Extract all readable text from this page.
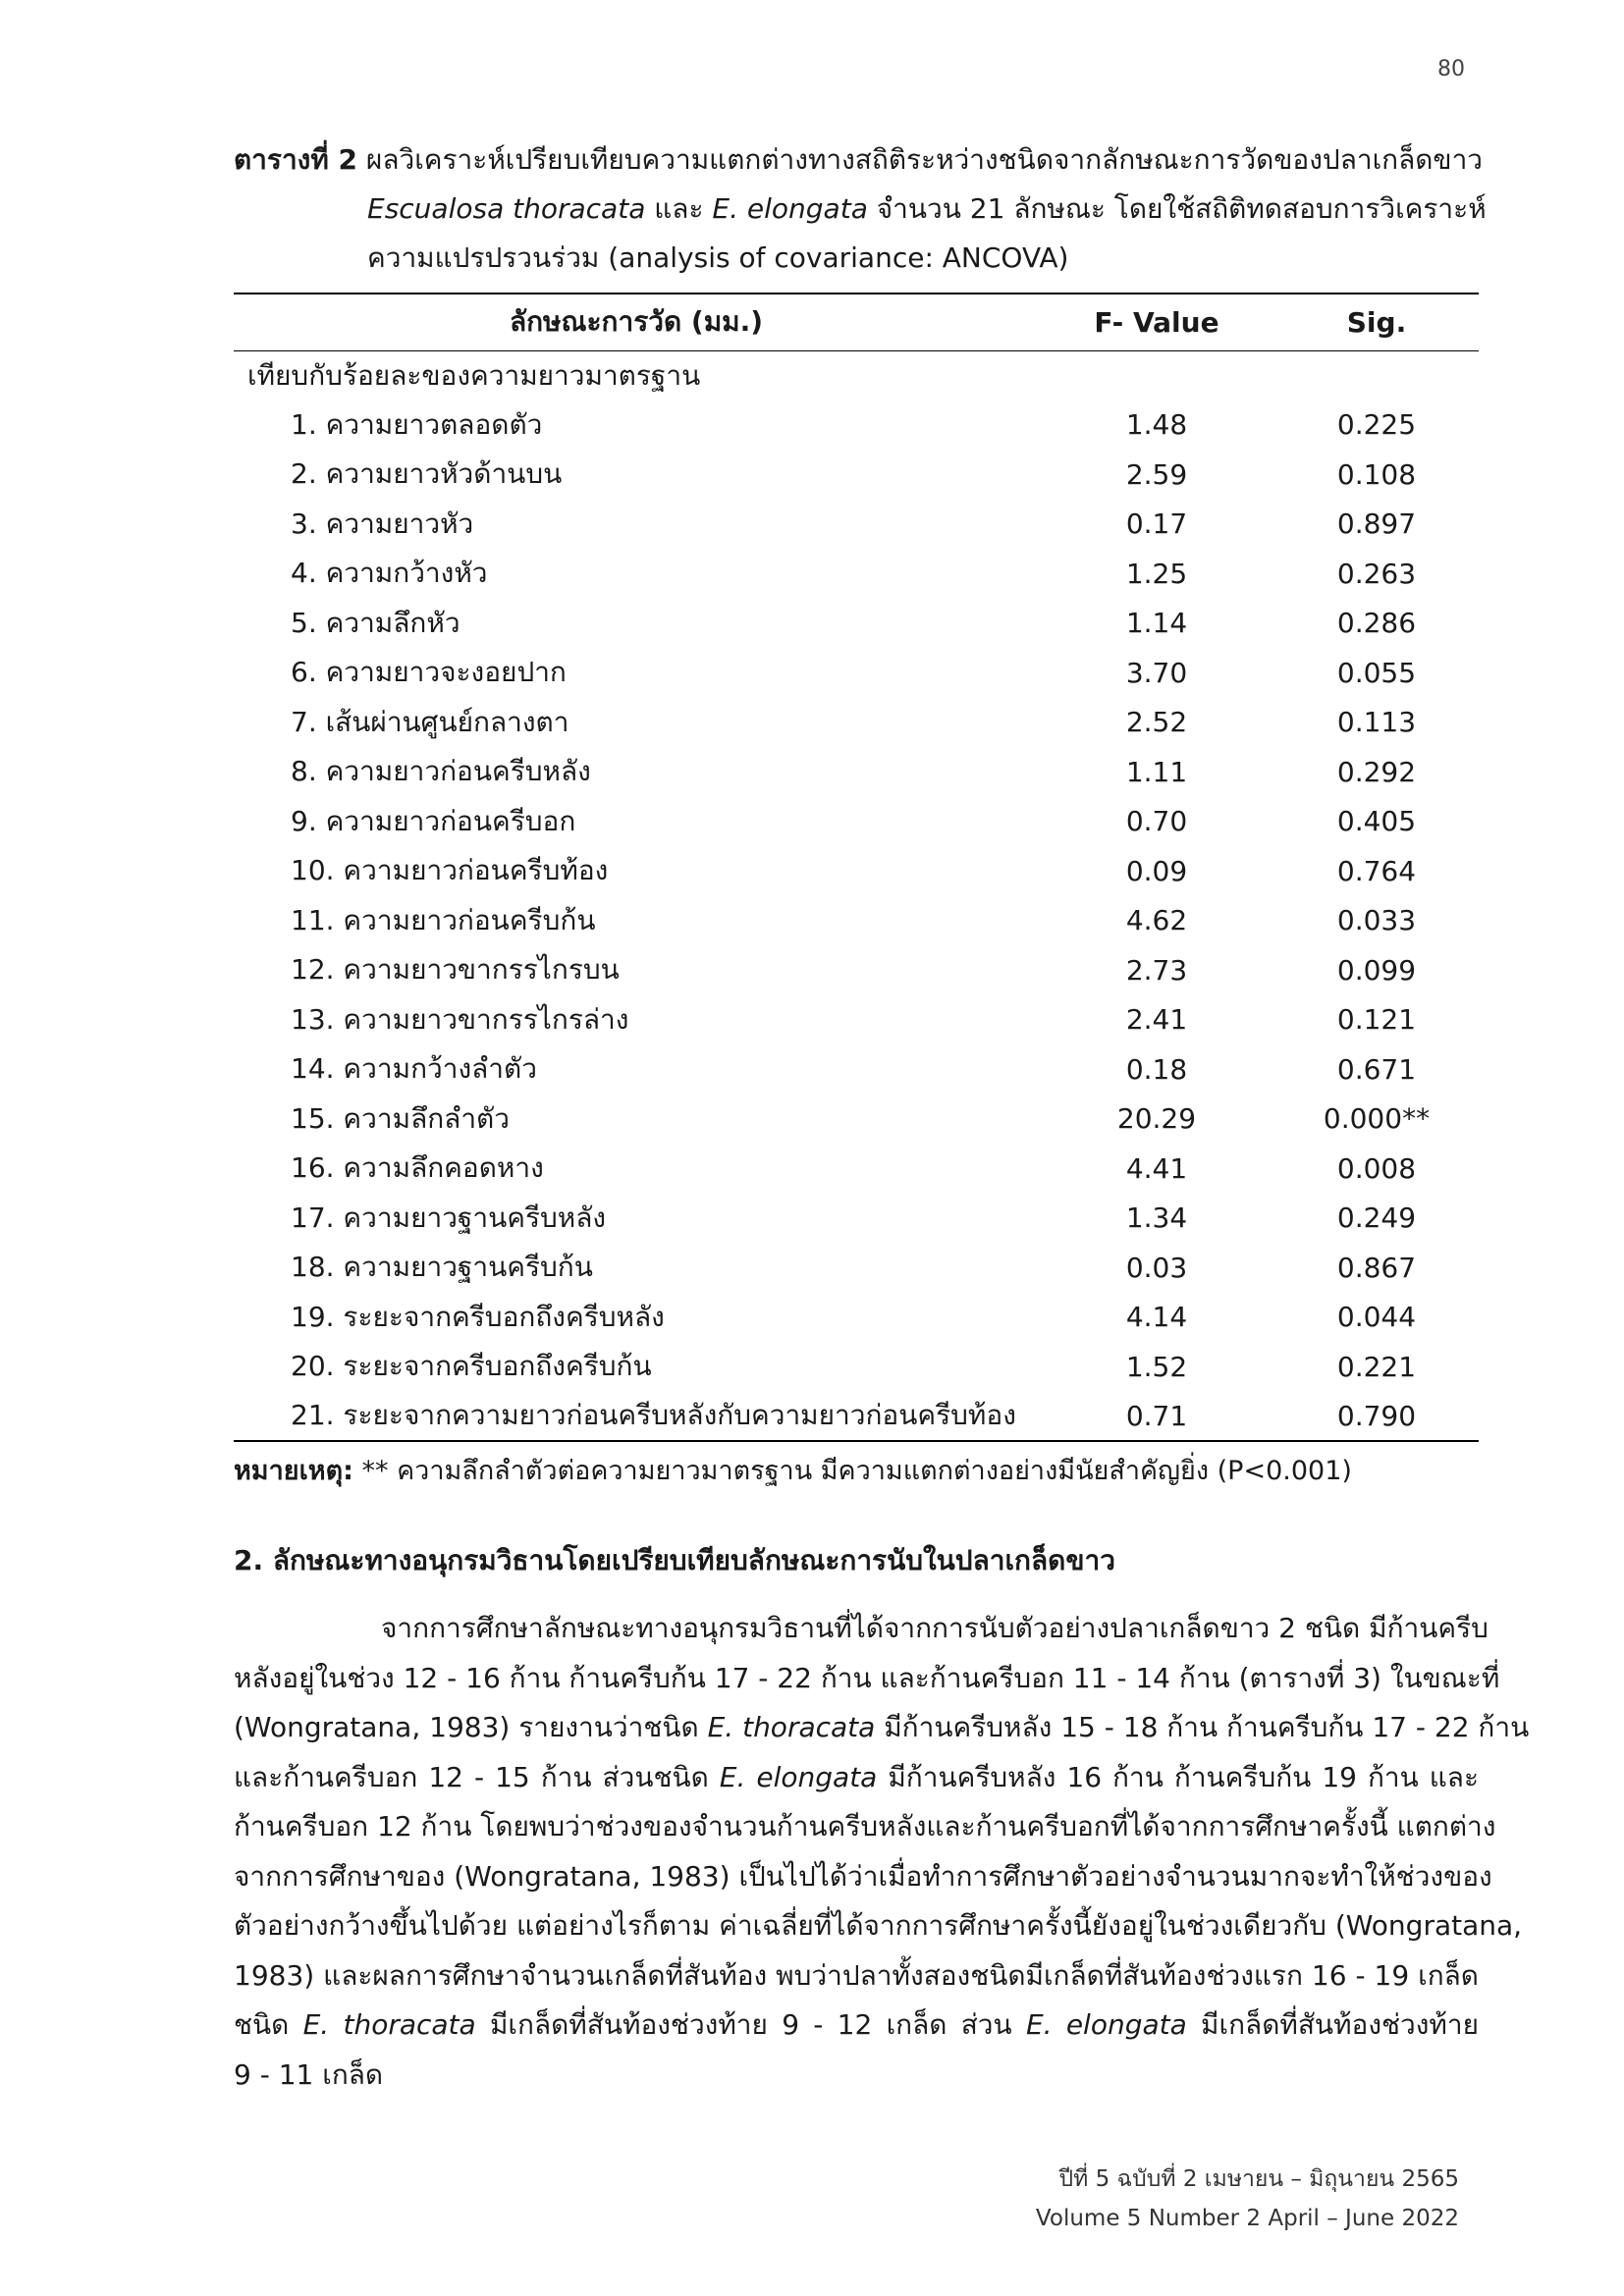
80
ตารางที่ 2 ผลวิเคราะห์เปรียบเทียบความแตกต่างทางสถิติระหว่างชนิดจากลักษณะการวัดของปลาเกล็ดขาว
Escualosa thoracata และ E. elongata จำนวน 21 ลักษณะ โดยใช้สถิติทดสอบการวิเคราะห์
ความแปรปรวนร่วม (analysis of covariance: ANCOVA)
ลักษณะการวัด (มม.)	F- Value	Sig.
เทียบกับร้อยละของความยาวมาตรฐาน		
1. ความยาวตลอดตัว	1.48	0.225
2. ความยาวหัวด้านบน	2.59	0.108
3. ความยาวหัว	0.17	0.897
4. ความกว้างหัว	1.25	0.263
5. ความลึกหัว	1.14	0.286
6. ความยาวจะงอยปาก	3.70	0.055
7. เส้นผ่านศูนย์กลางตา	2.52	0.113
8. ความยาวก่อนครีบหลัง	1.11	0.292
9. ความยาวก่อนครีบอก	0.70	0.405
10. ความยาวก่อนครีบท้อง	0.09	0.764
11. ความยาวก่อนครีบก้น	4.62	0.033
12. ความยาวขากรรไกรบน	2.73	0.099
13. ความยาวขากรรไกรล่าง	2.41	0.121
14. ความกว้างลำตัว	0.18	0.671
15. ความลึกลำตัว	20.29	0.000**
16. ความลึกคอดหาง	4.41	0.008
17. ความยาวฐานครีบหลัง	1.34	0.249
18. ความยาวฐานครีบก้น	0.03	0.867
19. ระยะจากครีบอกถึงครีบหลัง	4.14	0.044
20. ระยะจากครีบอกถึงครีบก้น	1.52	0.221
21. ระยะจากความยาวก่อนครีบหลังกับความยาวก่อนครีบท้อง	0.71	0.790
หมายเหตุ: ** ความลึกลำตัวต่อความยาวมาตรฐาน มีความแตกต่างอย่างมีนัยสำคัญยิ่ง (P<0.001)
2. ลักษณะทางอนุกรมวิธานโดยเปรียบเทียบลักษณะการนับในปลาเกล็ดขาว
จากการศึกษาลักษณะทางอนุกรมวิธานที่ได้จากการนับตัวอย่างปลาเกล็ดขาว 2 ชนิด มีก้านครีบ
หลังอยู่ในช่วง 12 - 16 ก้าน ก้านครีบก้น 17 - 22 ก้าน และก้านครีบอก 11 - 14 ก้าน (ตารางที่ 3) ในขณะที่
(Wongratana, 1983) รายงานว่าชนิด E. thoracata มีก้านครีบหลัง 15 - 18 ก้าน ก้านครีบก้น 17 - 22 ก้าน
และก้านครีบอก 12 - 15 ก้าน ส่วนชนิด E. elongata มีก้านครีบหลัง 16 ก้าน ก้านครีบก้น 19 ก้าน และ
ก้านครีบอก 12 ก้าน โดยพบว่าช่วงของจำนวนก้านครีบหลังและก้านครีบอกที่ได้จากการศึกษาครั้งนี้ แตกต่าง
จากการศึกษาของ (Wongratana, 1983) เป็นไปได้ว่าเมื่อทำการศึกษาตัวอย่างจำนวนมากจะทำให้ช่วงของ
ตัวอย่างกว้างขึ้นไปด้วย แต่อย่างไรก็ตาม ค่าเฉลี่ยที่ได้จากการศึกษาครั้งนี้ยังอยู่ในช่วงเดียวกับ (Wongratana,
1983) และผลการศึกษาจำนวนเกล็ดที่สันท้อง พบว่าปลาทั้งสองชนิดมีเกล็ดที่สันท้องช่วงแรก 16 - 19 เกล็ด
ชนิด E. thoracata มีเกล็ดที่สันท้องช่วงท้าย 9 - 12 เกล็ด ส่วน E. elongata มีเกล็ดที่สันท้องช่วงท้าย
9 - 11 เกล็ด
ปีที่ 5 ฉบับที่ 2 เมษายน – มิถุนายน 2565
Volume 5 Number 2 April – June 2022
